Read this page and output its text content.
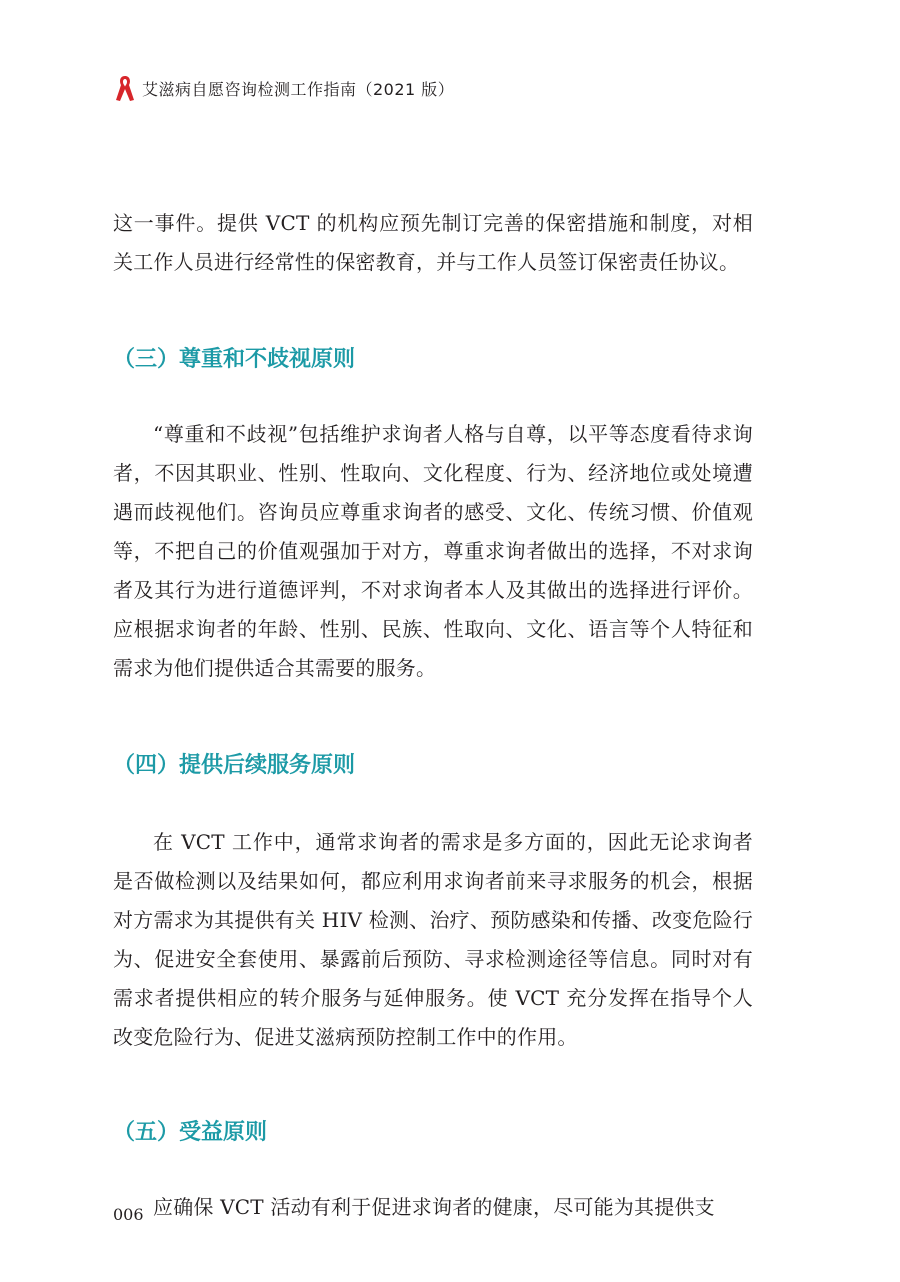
艾滋病自愿咨询检测工作指南（2021 版）

这一事件。提供 VCT 的机构应预先制订完善的保密措施和制度，对相关工作人员进行经常性的保密教育，并与工作人员签订保密责任协议。

（三）尊重和不歧视原则

“尊重和不歧视”包括维护求询者人格与自尊，以平等态度看待求询者，不因其职业、性别、性取向、文化程度、行为、经济地位或处境遭遇而歧视他们。咨询员应尊重求询者的感受、文化、传统习惯、价值观等，不把自己的价值观强加于对方，尊重求询者做出的选择，不对求询者及其行为进行道德评判，不对求询者本人及其做出的选择进行评价。应根据求询者的年龄、性别、民族、性取向、文化、语言等个人特征和需求为他们提供适合其需要的服务。

（四）提供后续服务原则

在 VCT 工作中，通常求询者的需求是多方面的，因此无论求询者是否做检测以及结果如何，都应利用求询者前来寻求服务的机会，根据对方需求为其提供有关 HIV 检测、治疗、预防感染和传播、改变危险行为、促进安全套使用、暴露前后预防、寻求检测途径等信息。同时对有需求者提供相应的转介服务与延伸服务。使 VCT 充分发挥在指导个人改变危险行为、促进艾滋病预防控制工作中的作用。

（五）受益原则

应确保 VCT 活动有利于促进求询者的健康，尽可能为其提供支

006
